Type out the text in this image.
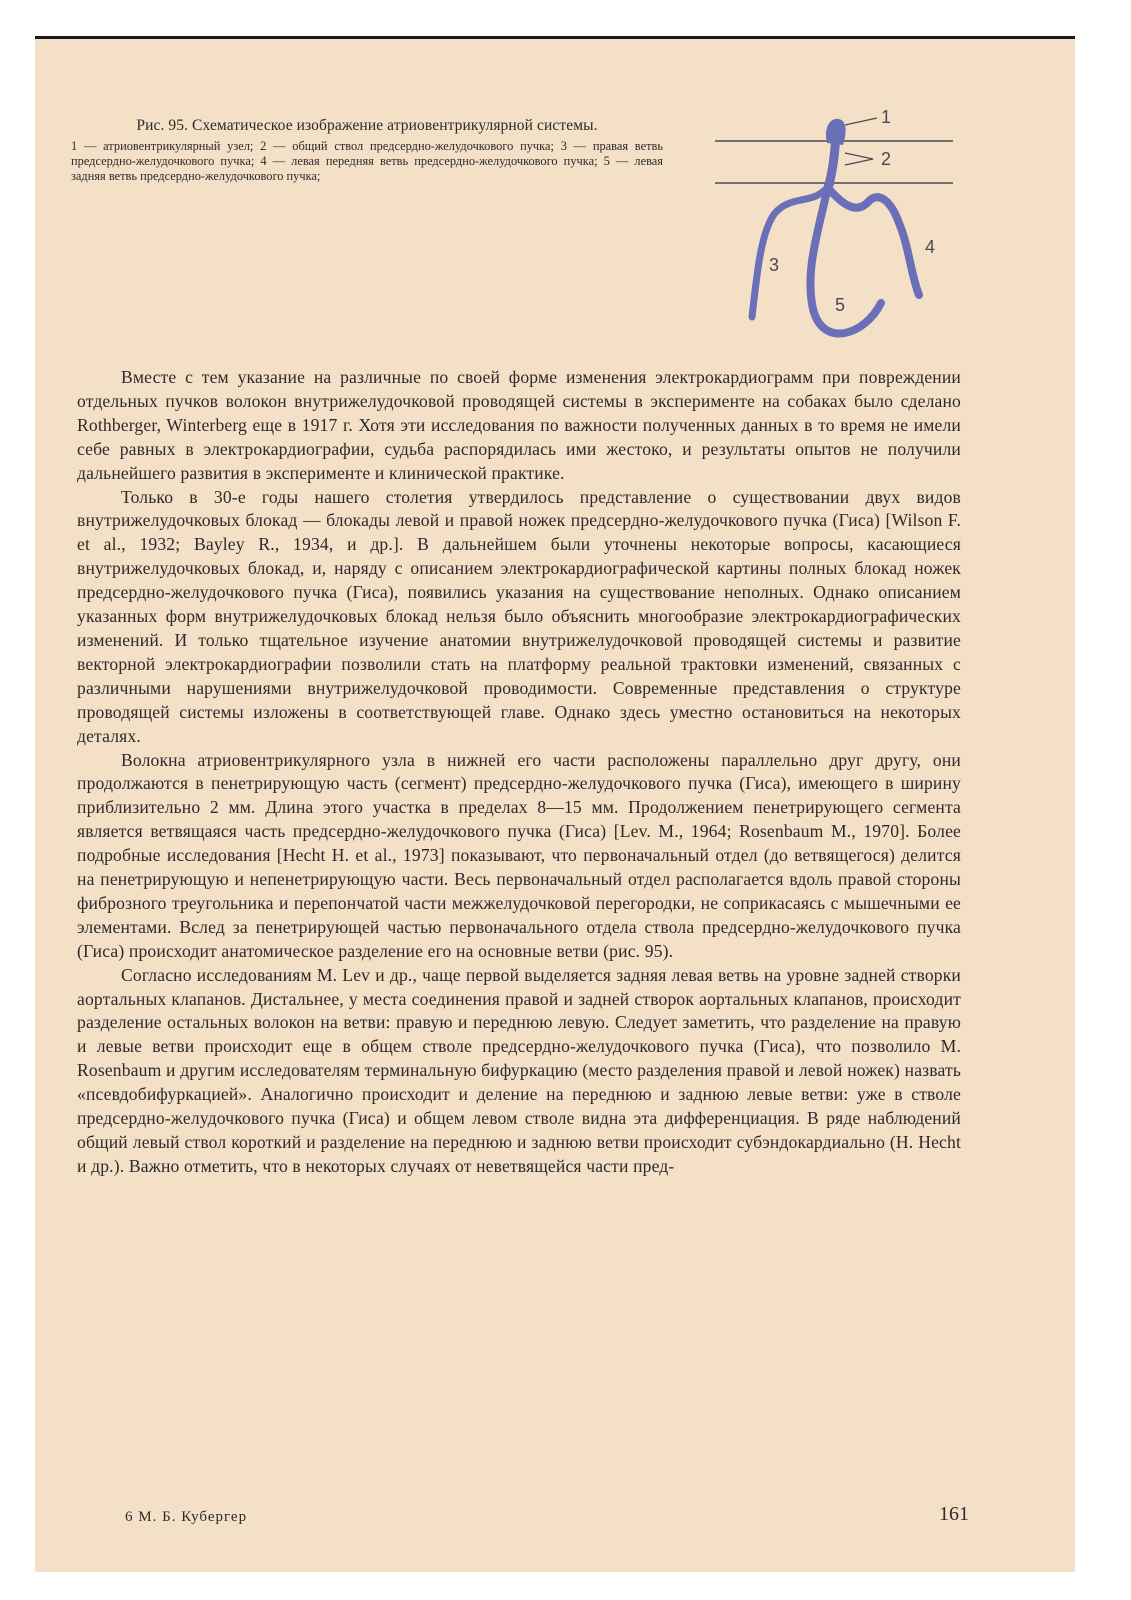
Рис. 95. Схематическое изображение атриовентрикулярной системы.
1 — атриовентрикулярный узел; 2 — общий ствол предсердно-желудочкового пучка; 3 — правая ветвь предсердно-желудочкового пучка; 4 — левая передняя ветвь предсердно-желудочкового пучка; 5 — левая задняя ветвь предсердно-желудочкового пучка;
1
2
3
4
5

Вместе с тем указание на различные по своей форме изменения электрокардиограмм при повреждении отдельных пучков волокон внутрижелудочковой проводящей системы в эксперименте на собаках было сделано Rothberger, Winterberg еще в 1917 г. Хотя эти исследования по важности полученных данных в то время не имели себе равных в электрокардиографии, судьба распорядилась ими жестоко, и результаты опытов не получили дальнейшего развития в эксперименте и клинической практике.

Только в 30-е годы нашего столетия утвердилось представление о существовании двух видов внутрижелудочковых блокад — блокады левой и правой ножек предсердно-желудочкового пучка (Гиса) [Wilson F. et al., 1932; Bayley R., 1934, и др.]. В дальнейшем были уточнены некоторые вопросы, касающиеся внутрижелудочковых блокад, и, наряду с описанием электрокардиографической картины полных блокад ножек предсердно-желудочкового пучка (Гиса), появились указания на существование неполных. Однако описанием указанных форм внутрижелудочковых блокад нельзя было объяснить многообразие электрокардиографических изменений. И только тщательное изучение анатомии внутрижелудочковой проводящей системы и развитие векторной электрокардиографии позволили стать на платформу реальной трактовки изменений, связанных с различными нарушениями внутрижелудочковой проводимости. Современные представления о структуре проводящей системы изложены в соответствующей главе. Однако здесь уместно остановиться на некоторых деталях.

Волокна атриовентрикулярного узла в нижней его части расположены параллельно друг другу, они продолжаются в пенетрирующую часть (сегмент) предсердно-желудочкового пучка (Гиса), имеющего в ширину приблизительно 2 мм. Длина этого участка в пределах 8—15 мм. Продолжением пенетрирующего сегмента является ветвящаяся часть предсердно-желудочкового пучка (Гиса) [Lev. M., 1964; Rosenbaum M., 1970]. Более подробные исследования [Hecht H. et al., 1973] показывают, что первоначальный отдел (до ветвящегося) делится на пенетрирующую и непенетрирующую части. Весь первоначальный отдел располагается вдоль правой стороны фиброзного треугольника и перепончатой части межжелудочковой перегородки, не соприкасаясь с мышечными ее элементами. Вслед за пенетрирующей частью первоначального отдела ствола предсердно-желудочкового пучка (Гиса) происходит анатомическое разделение его на основные ветви (рис. 95).

Согласно исследованиям M. Lev и др., чаще первой выделяется задняя левая ветвь на уровне задней створки аортальных клапанов. Дистальнее, у места соединения правой и задней створок аортальных клапанов, происходит разделение остальных волокон на ветви: правую и переднюю левую. Следует заметить, что разделение на правую и левые ветви происходит еще в общем стволе предсердно-желудочкового пучка (Гиса), что позволило M. Rosenbaum и другим исследователям терминальную бифуркацию (место разделения правой и левой ножек) назвать «псевдобифуркацией». Аналогично происходит и деление на переднюю и заднюю левые ветви: уже в стволе предсердно-желудочкового пучка (Гиса) и общем левом стволе видна эта дифференциация. В ряде наблюдений общий левый ствол короткий и разделение на переднюю и заднюю ветви происходит субэндокардиально (H. Hecht и др.). Важно отметить, что в некоторых случаях от неветвящейся части пред-

6 М. Б. Кубергер	161
